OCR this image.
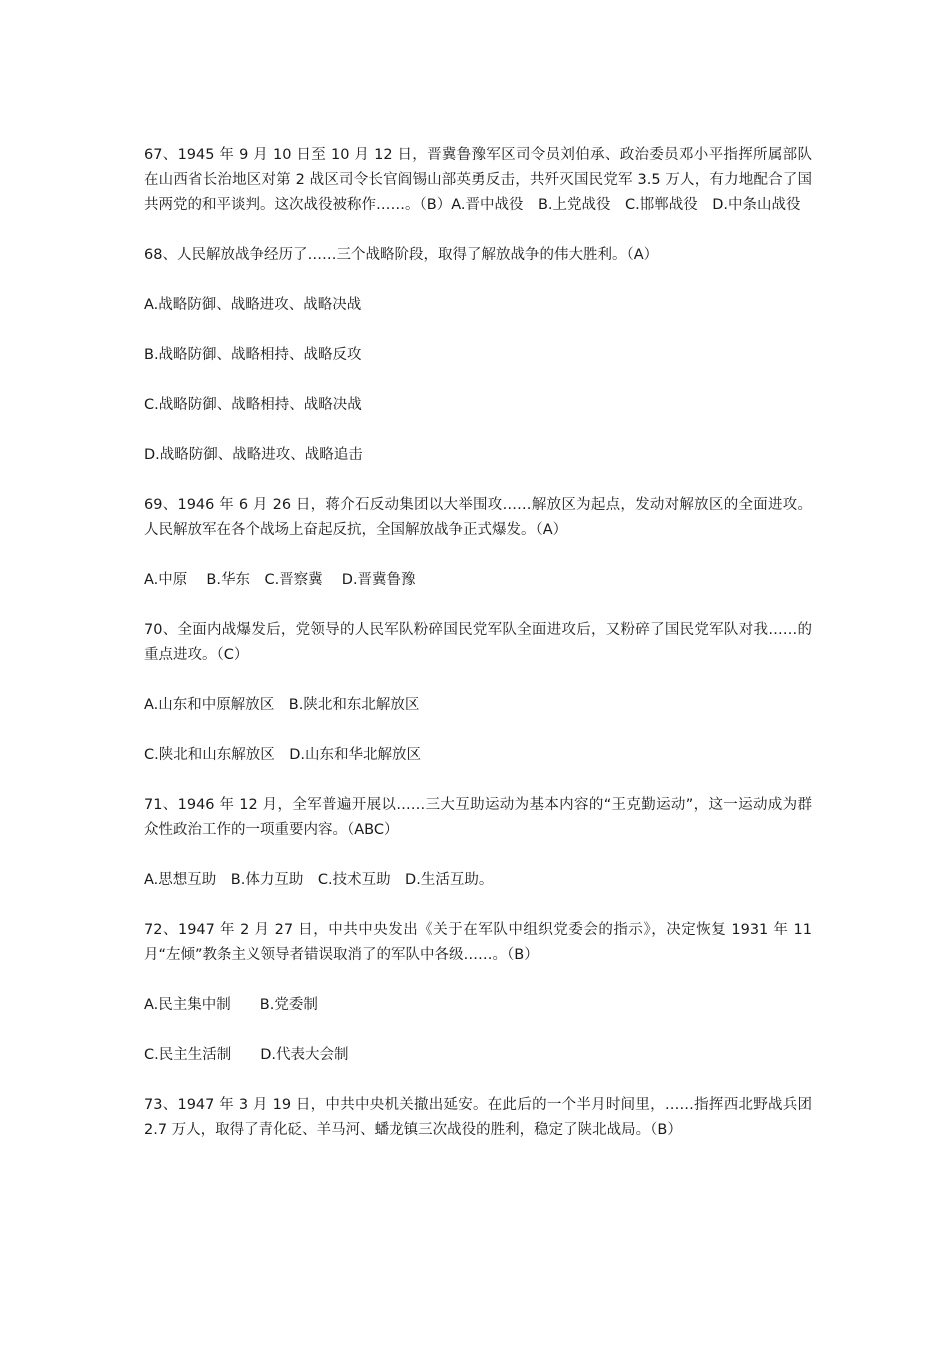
67、1945 年 9 月 10 日至 10 月 12 日，晋冀鲁豫军区司令员刘伯承、政治委员邓小平指挥所属部队在山西省长治地区对第 2 战区司令长官阎锡山部英勇反击，共歼灭国民党军 3.5 万人，有力地配合了国共两党的和平谈判。这次战役被称作……。（B）A.晋中战役　B.上党战役　C.邯郸战役　D.中条山战役

68、人民解放战争经历了……三个战略阶段，取得了解放战争的伟大胜利。（A）

A.战略防御、战略进攻、战略决战

B.战略防御、战略相持、战略反攻

C.战略防御、战略相持、战略决战

D.战略防御、战略进攻、战略追击

69、1946 年 6 月 26 日，蒋介石反动集团以大举围攻……解放区为起点，发动对解放区的全面进攻。人民解放军在各个战场上奋起反抗，全国解放战争正式爆发。（A）

A.中原　 B.华东　C.晋察冀　 D.晋冀鲁豫

70、全面内战爆发后，党领导的人民军队粉碎国民党军队全面进攻后，又粉碎了国民党军队对我……的重点进攻。（C）

A.山东和中原解放区　B.陕北和东北解放区

C.陕北和山东解放区　D.山东和华北解放区

71、1946 年 12 月，全军普遍开展以……三大互助运动为基本内容的“王克勤运动”，这一运动成为群众性政治工作的一项重要内容。（ABC）

A.思想互助　B.体力互助　C.技术互助　D.生活互助。

72、1947 年 2 月 27 日，中共中央发出《关于在军队中组织党委会的指示》，决定恢复 1931 年 11 月“左倾”教条主义领导者错误取消了的军队中各级……。（B）

A.民主集中制　　B.党委制

C.民主生活制　　D.代表大会制

73、1947 年 3 月 19 日，中共中央机关撤出延安。在此后的一个半月时间里，……指挥西北野战兵团 2.7 万人，取得了青化砭、羊马河、蟠龙镇三次战役的胜利，稳定了陕北战局。（B）
